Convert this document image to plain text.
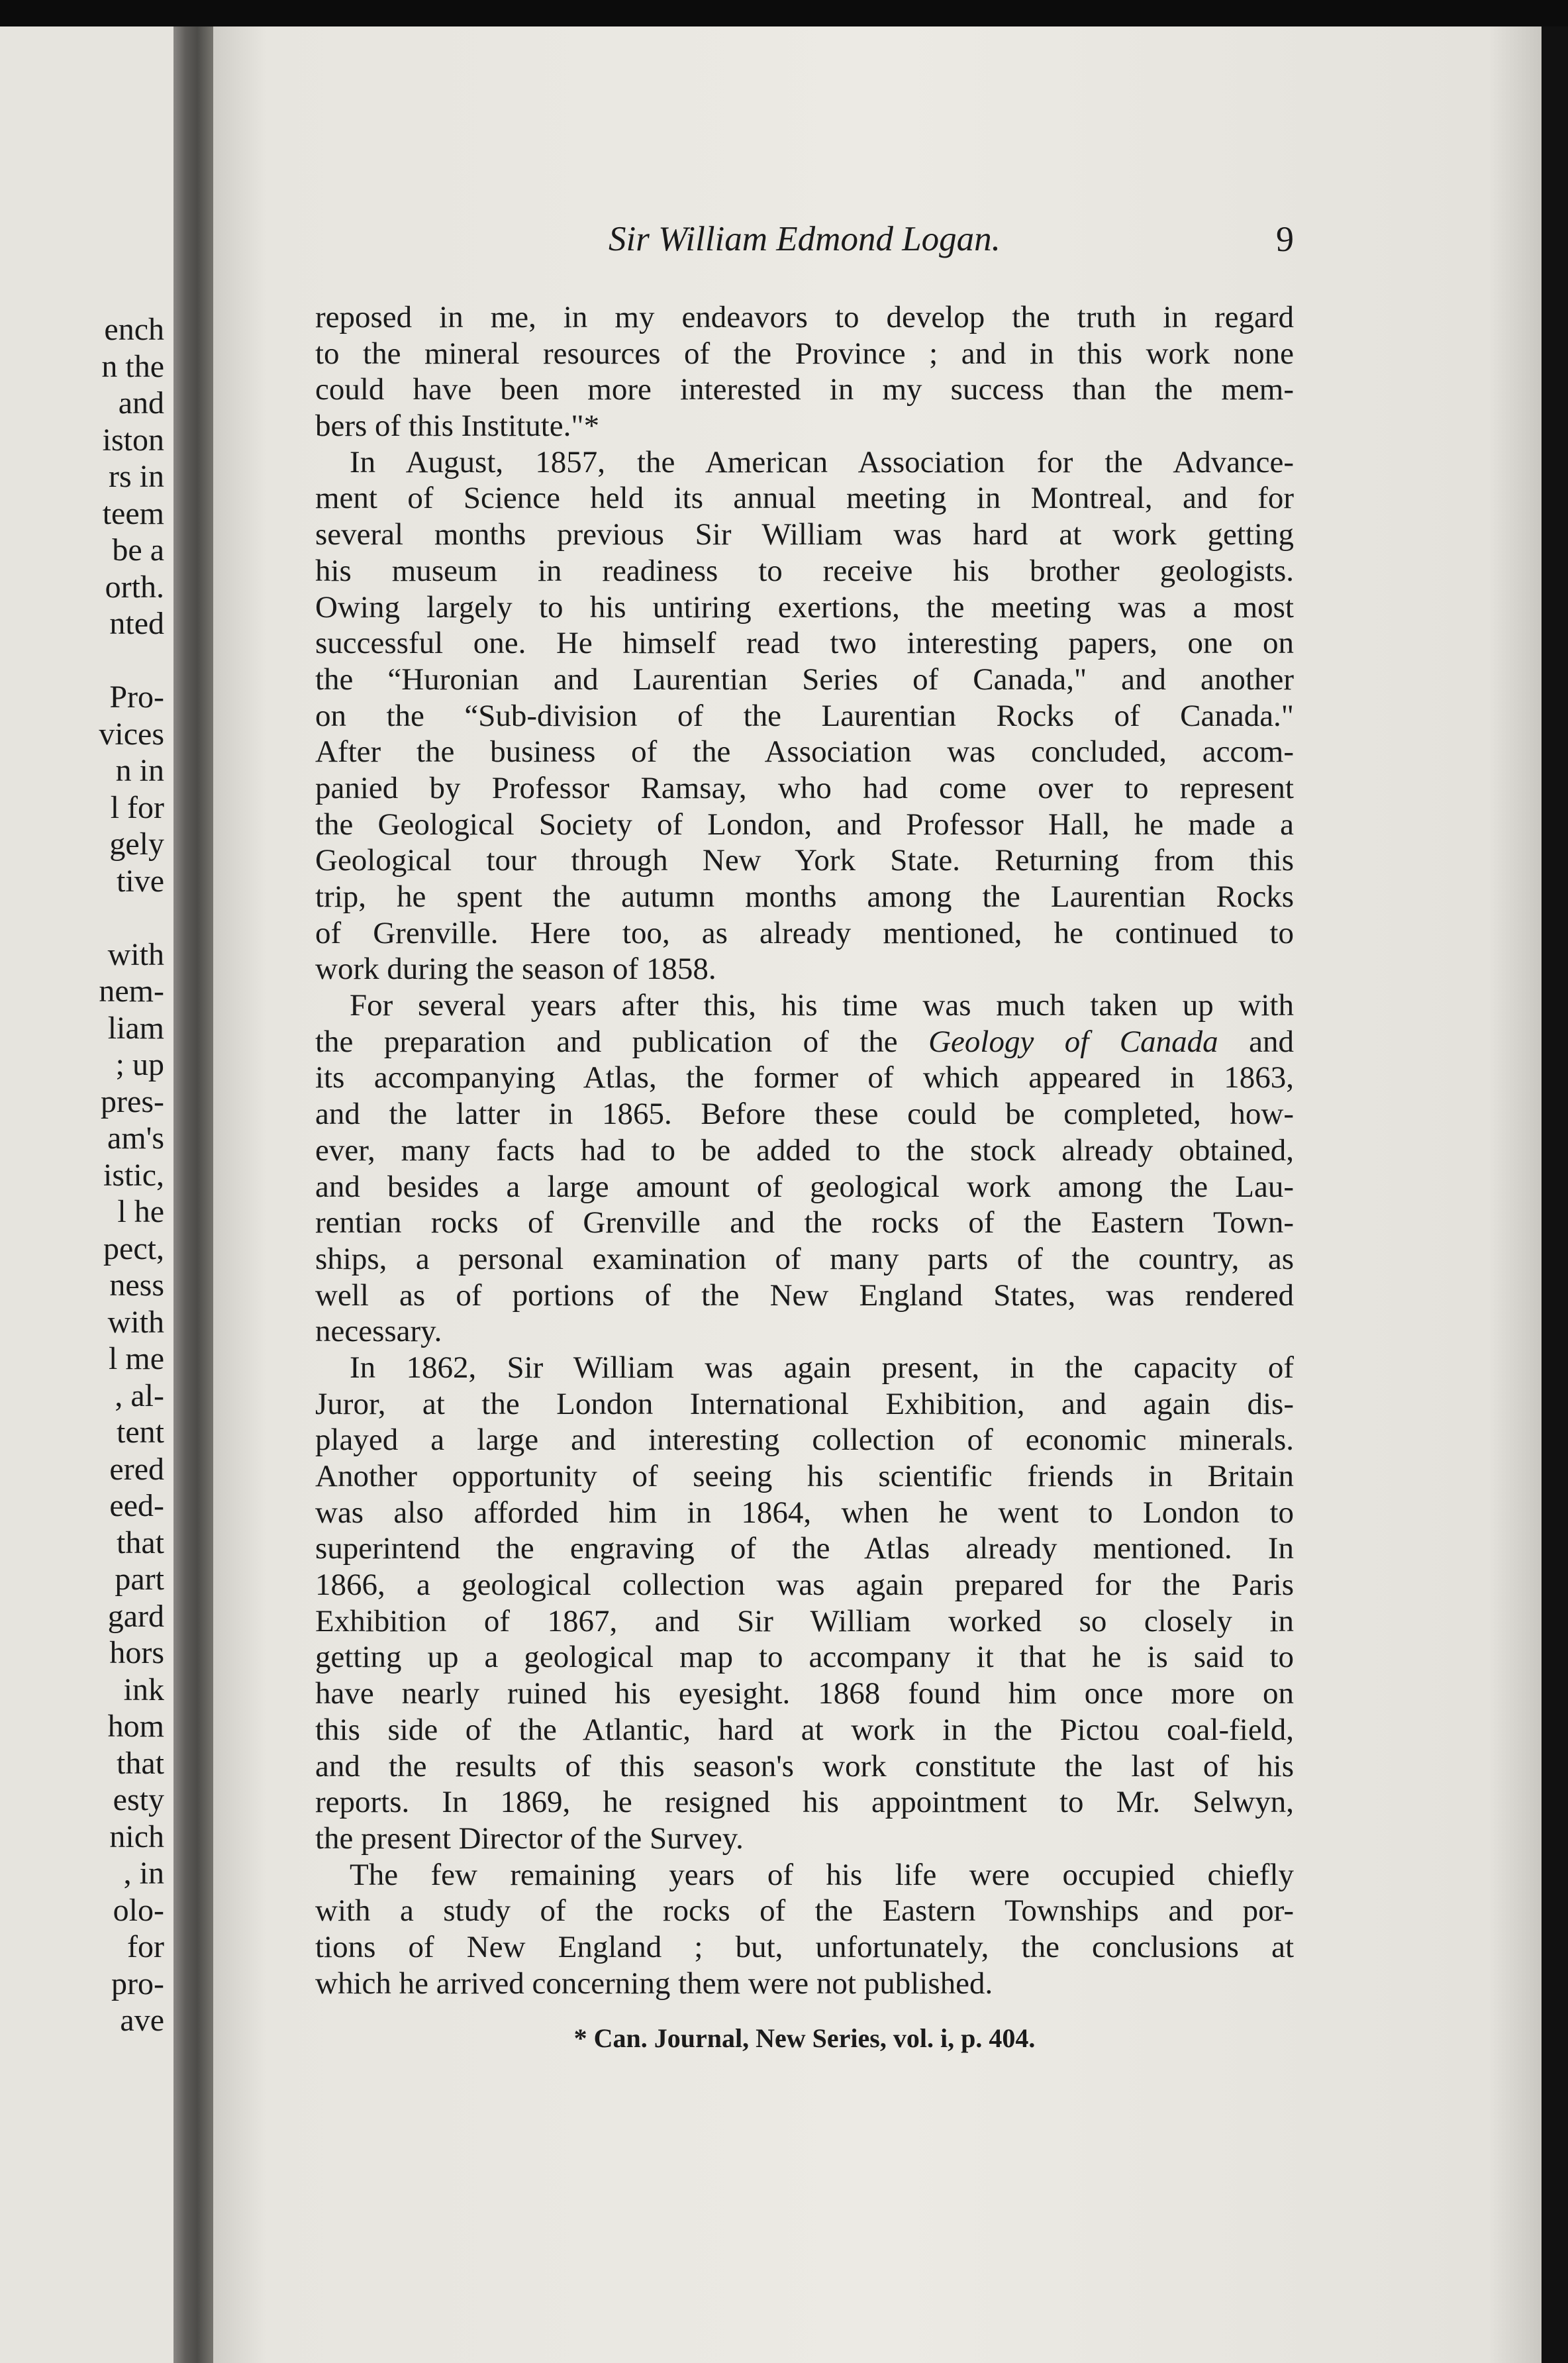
ench
n the
and
iston
rs in
teem
be a
orth.
nted
Pro-
vices
n in
l for
gely
tive
with
nem-
liam
; up
pres-
am's
istic,
l he
pect,
ness
with
l me
, al-
tent
ered
eed-
that
part
gard
hors
ink
hom
that
esty
nich
, in
olo-
for
pro-
ave
Sir William Edmond Logan.	9
reposed in me, in my endeavors to develop the truth in regard
to the mineral resources of the Province ; and in this work none
could have been more interested in my success than the mem-
bers of this Institute."*
In August, 1857, the American Association for the Advance-
ment of Science held its annual meeting in Montreal, and for
several months previous Sir William was hard at work getting
his museum in readiness to receive his brother geologists.
Owing largely to his untiring exertions, the meeting was a most
successful one. He himself read two interesting papers, one on
the “Huronian and Laurentian Series of Canada," and another
on the “Sub-division of the Laurentian Rocks of Canada."
After the business of the Association was concluded, accom-
panied by Professor Ramsay, who had come over to represent
the Geological Society of London, and Professor Hall, he made a
Geological tour through New York State. Returning from this
trip, he spent the autumn months among the Laurentian Rocks
of Grenville. Here too, as already mentioned, he continued to
work during the season of 1858.
For several years after this, his time was much taken up with
the preparation and publication of the Geology of Canada and
its accompanying Atlas, the former of which appeared in 1863,
and the latter in 1865. Before these could be completed, how-
ever, many facts had to be added to the stock already obtained,
and besides a large amount of geological work among the Lau-
rentian rocks of Grenville and the rocks of the Eastern Town-
ships, a personal examination of many parts of the country, as
well as of portions of the New England States, was rendered
necessary.
In 1862, Sir William was again present, in the capacity of
Juror, at the London International Exhibition, and again dis-
played a large and interesting collection of economic minerals.
Another opportunity of seeing his scientific friends in Britain
was also afforded him in 1864, when he went to London to
superintend the engraving of the Atlas already mentioned. In
1866, a geological collection was again prepared for the Paris
Exhibition of 1867, and Sir William worked so closely in
getting up a geological map to accompany it that he is said to
have nearly ruined his eyesight. 1868 found him once more on
this side of the Atlantic, hard at work in the Pictou coal-field,
and the results of this season's work constitute the last of his
reports. In 1869, he resigned his appointment to Mr. Selwyn,
the present Director of the Survey.
The few remaining years of his life were occupied chiefly
with a study of the rocks of the Eastern Townships and por-
tions of New England ; but, unfortunately, the conclusions at
which he arrived concerning them were not published.
* Can. Journal, New Series, vol. i, p. 404.
